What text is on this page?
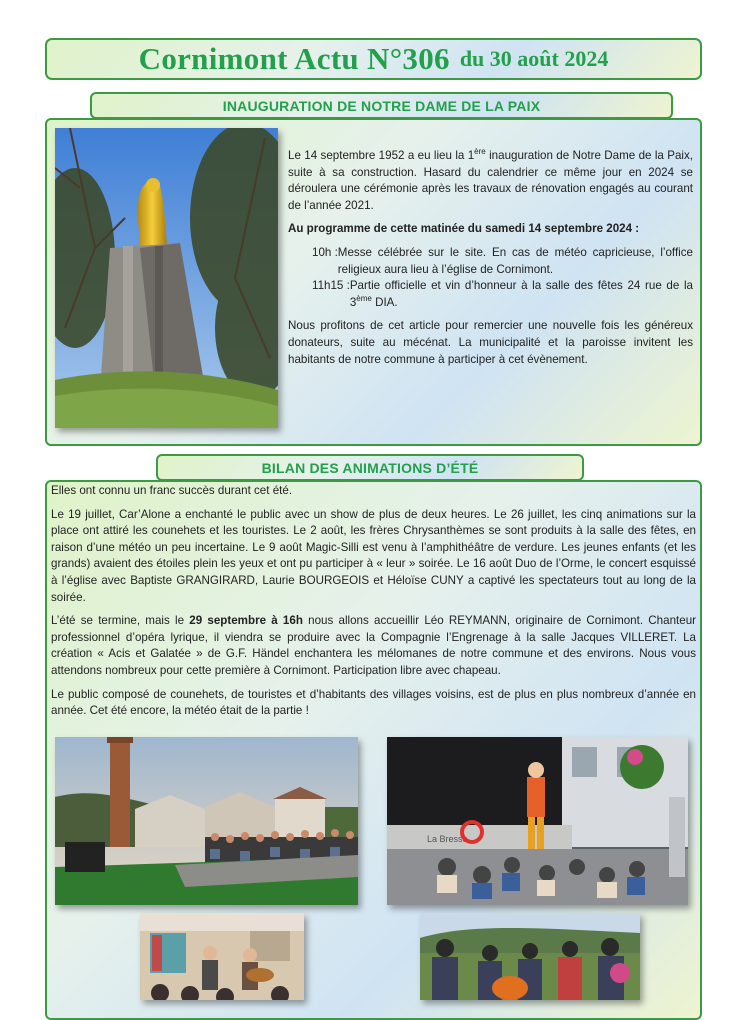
Cornimont Actu N°306 du 30 août 2024
INAUGURATION DE NOTRE DAME DE LA PAIX

Le 14 septembre 1952 a eu lieu la 1ère inauguration de Notre Dame de la Paix, suite à sa construction. Hasard du calendrier ce même jour en 2024 se déroulera une cérémonie après les travaux de rénovation engagés au courant de l’année 2021.

Au programme de cette matinée du samedi 14 septembre 2024 :

10h : Messe célébrée sur le site. En cas de météo capricieuse, l’office religieux aura lieu à l’église de Cornimont.
11h15 : Partie officielle et vin d’honneur à la salle des fêtes 24 rue de la 3ème DIA.

Nous profitons de cet article pour remercier une nouvelle fois les généreux donateurs, suite au mécénat. La municipalité et la paroisse invitent les habitants de notre commune à participer à cet évènement.

BILAN DES ANIMATIONS D’ÉTÉ

Elles ont connu un franc succès durant cet été.

Le 19 juillet, Car’Alone a enchanté le public avec un show de plus de deux heures. Le 26 juillet, les cinq animations sur la place ont attiré les counehets et les touristes. Le 2 août, les frères Chrysanthèmes se sont produits à la salle des fêtes, en raison d’une météo un peu incertaine. Le 9 août Magic-Silli est venu à l’amphithéâtre de verdure. Les jeunes enfants (et les grands) avaient des étoiles plein les yeux et ont pu participer à « leur » soirée. Le 16 août Duo de l’Orme, le concert esquissé à l’église avec Baptiste GRANGIRARD, Laurie BOURGEOIS et Héloïse CUNY a captivé les spectateurs tout au long de la soirée.

L’été se termine, mais le 29 septembre à 16h nous allons accueillir Léo REYMANN, originaire de Cornimont. Chanteur professionnel d’opéra lyrique, il viendra se produire avec la Compagnie l’Engrenage à la salle Jacques VILLERET. La création « Acis et Galatée » de G.F. Händel enchantera les mélomanes de notre commune et des environs. Nous vous attendons nombreux pour cette première à Cornimont. Participation libre avec chapeau.

Le public composé de counehets, de touristes et d’habitants des villages voisins, est de plus en plus nombreux d’année en année. Cet été encore, la météo était de la partie !

La Bresse
